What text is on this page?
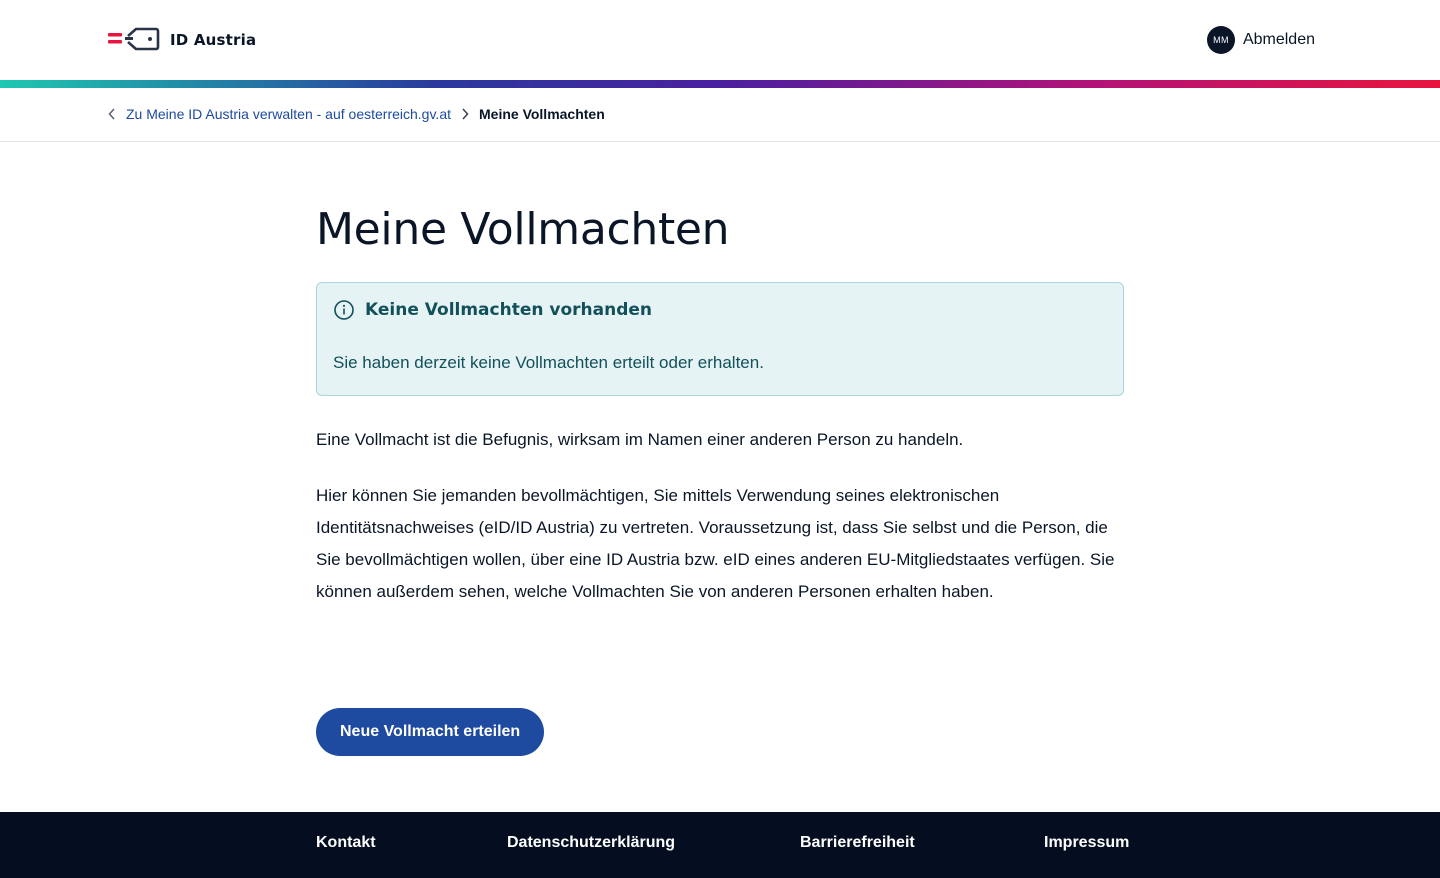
ID Austria	MM Abmelden
Zu Meine ID Austria verwalten - auf oesterreich.gv.at Meine Vollmachten
Meine Vollmachten
Keine Vollmachten vorhanden

Sie haben derzeit keine Vollmachten erteilt oder erhalten.

Eine Vollmacht ist die Befugnis, wirksam im Namen einer anderen Person zu handeln.

Hier können Sie jemanden bevollmächtigen, Sie mittels Verwendung seines elektronischen Identitätsnachweises (eID/ID Austria) zu vertreten. Voraussetzung ist, dass Sie selbst und die Person, die Sie bevollmächtigen wollen, über eine ID Austria bzw. eID eines anderen EU-Mitgliedstaates verfügen. Sie können außerdem sehen, welche Vollmachten Sie von anderen Personen erhalten haben.

Neue Vollmacht erteilen
Kontakt	Datenschutzerklärung	Barrierefreiheit	Impressum
